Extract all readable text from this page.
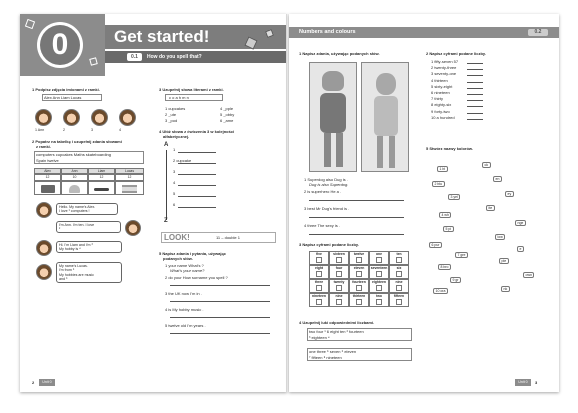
0	Get started!
0.1	How do you spell that?
1 Podpisz zdjęcia imionami z ramki.
Alex Ann Liam Lucas
1 Ann	2	3	4
2 Popatrz na tabelkę i uzupełnij zdania słowami
z ramki.
computers cupcakes Maths skateboarding
Spain twelve
Alex	Ann	Liam	Lucas
12	10	12	12
Hello. My name's Alex.
I love ¹ computers !
I'm Ann. I'm ten. I love
²
Hi. I'm Liam and I'm ³
My hobby is ⁴
My name's Lucas.
I'm from ⁵
My hobbies are music
and ⁶
3 Uzupełnij słowa literami z ramki.
c o a h m n
1 cupcakes
2 _ute
3 _pod
4 _pple
5 _obby
6 _ame
4 Ułóż słowa z ćwiczenia 3 w kolejności
alfabetycznej.
A
Z
1
2 cupcake
3
4
5
6
LOOK!	11 – double 1
5 Napisz zdania i pytania, używając
podanych słów.
1 your name What's ?
What's your name?
2 do your How surname you spell ?
3 the UK now I'm in .
4 is My hobby music .
5 twelve old I'm years .
2	Unit 0
Numbers and colours	0.2
1 Napisz zdania, używając podanych słów.
1 Superdog also Dug is .
Dug is also Superdog.
2 is superhero He a .
3 best Mr Dug's friend is .
4 three The sexy is .
3 Napisz cyframi podane liczby.
five	sixteen	twelve	one	ten
eight	four	eleven	seventeen	six
three	twenty	fourteen	eighteen	nine
nineteen	nine	thirteen	two	fifteen
4 Uzupełnij luki odpowiednimi liczbami.
two four ¹ 6 eight ten ² fourteen
³ eighteen ⁴
one three ⁵ seven ⁶ eleven
⁷ fifteen ⁸ nineteen
2 Napisz cyframi podane liczby.
1 fifty-seven 57
2 twenty-three
3 seventy-one
4 thirteen
5 sixty-eight
6 nineteen
7 thirty
8 eighty-six
9 forty-two
10 a hundred
5 Stwórz nazwy kolorów.
1 bl
2 blu
3 yel
4 wh
5 pi
6 pur
7 gre
8 bro
9 gr
10 ora
ck
en
ey
ite
nge
low
e
ple
own
nk
Unit 0	3
